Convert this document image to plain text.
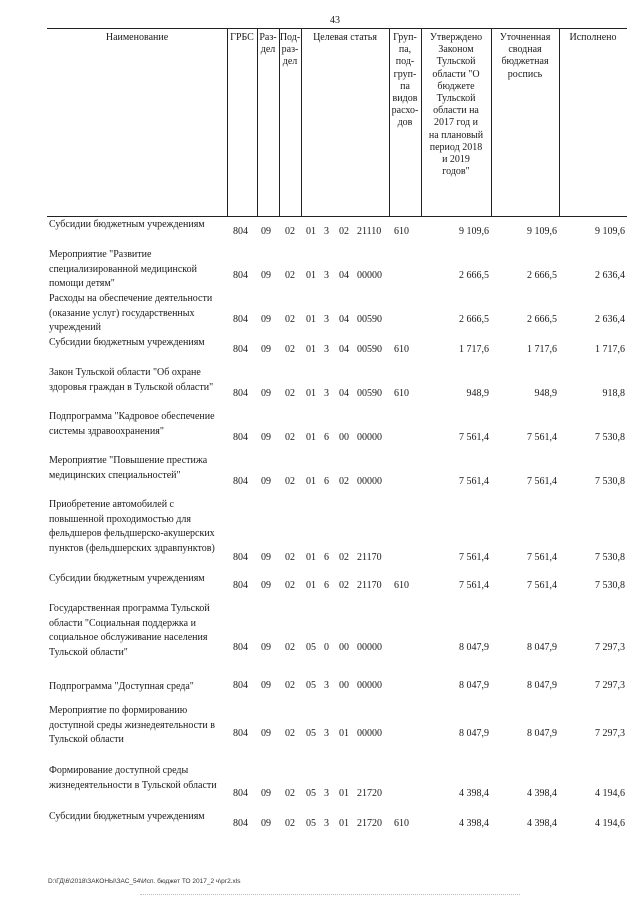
43
Наименование	ГРБС Раз-
дел
Под-
раз-
дел
Целевая статья	Груп-
па,
под-
груп-
па
видов
расхо-
дов
Утверждено
Законом
Тульской
области "О
бюджете
Тульской
области на
2017 год и
на плановый
период 2018
и 2019
годов"
Уточненная
сводная
бюджетная
роспись
Исполнено
Субсидии бюджетным учреждениям
804 09 02 01 3 02 21110 610	9 109,6	9 109,6	9 109,6
Мероприятие "Развитие специализированной медицинской помощи детям"
804 09 02 01 3 04 00000	2 666,5	2 666,5	2 636,4
Расходы на обеспечение деятельности (оказание услуг) государственных учреждений
804 09 02 01 3 04 00590	2 666,5	2 666,5	2 636,4
Субсидии бюджетным учреждениям
804 09 02 01 3 04 00590 610	1 717,6	1 717,6	1 717,6
Закон Тульской области "Об охране здоровья граждан в Тульской области"
804 09 02 01 3 04 00590 610	948,9	948,9	918,8
Подпрограмма "Кадровое обеспечение системы здравоохранения"
804 09 02 01 6 00 00000	7 561,4	7 561,4	7 530,8
Мероприятие "Повышение престижа медицинских специальностей"
804 09 02 01 6 02 00000	7 561,4	7 561,4	7 530,8
Приобретение автомобилей с повышенной проходимостью для фельдшеров фельдшерско-акушерских пунктов (фельдшерских здравпунктов)
804 09 02 01 6 02 21170	7 561,4	7 561,4	7 530,8
Субсидии бюджетным учреждениям
804 09 02 01 6 02 21170 610	7 561,4	7 561,4	7 530,8
Государственная программа Тульской области "Социальная поддержка и социальное обслуживание населения Тульской области"	804 09 02 05 0 00 00000	8 047,9	8 047,9	7 297,3
Подпрограмма "Доступная среда"	804 09 02 05 3 00 00000	8 047,9	8 047,9	7 297,3
Мероприятие по формированию доступной среды жизнедеятельности в Тульской области
804 09 02 05 3 01 00000	8 047,9	8 047,9	7 297,3
Формирование доступной среды жизнедеятельности в Тульской области
804 09 02 05 3 01 21720	4 398,4	4 398,4	4 194,6
Субсидии бюджетным учреждениям
804 09 02 05 3 01 21720 610	4 398,4	4 398,4	4 194,6
D:\ГД\6\2018\ЗАКОНЫ\ЗАС_54\Исп. бюджет ТО 2017_2 ч\рг2.xls
